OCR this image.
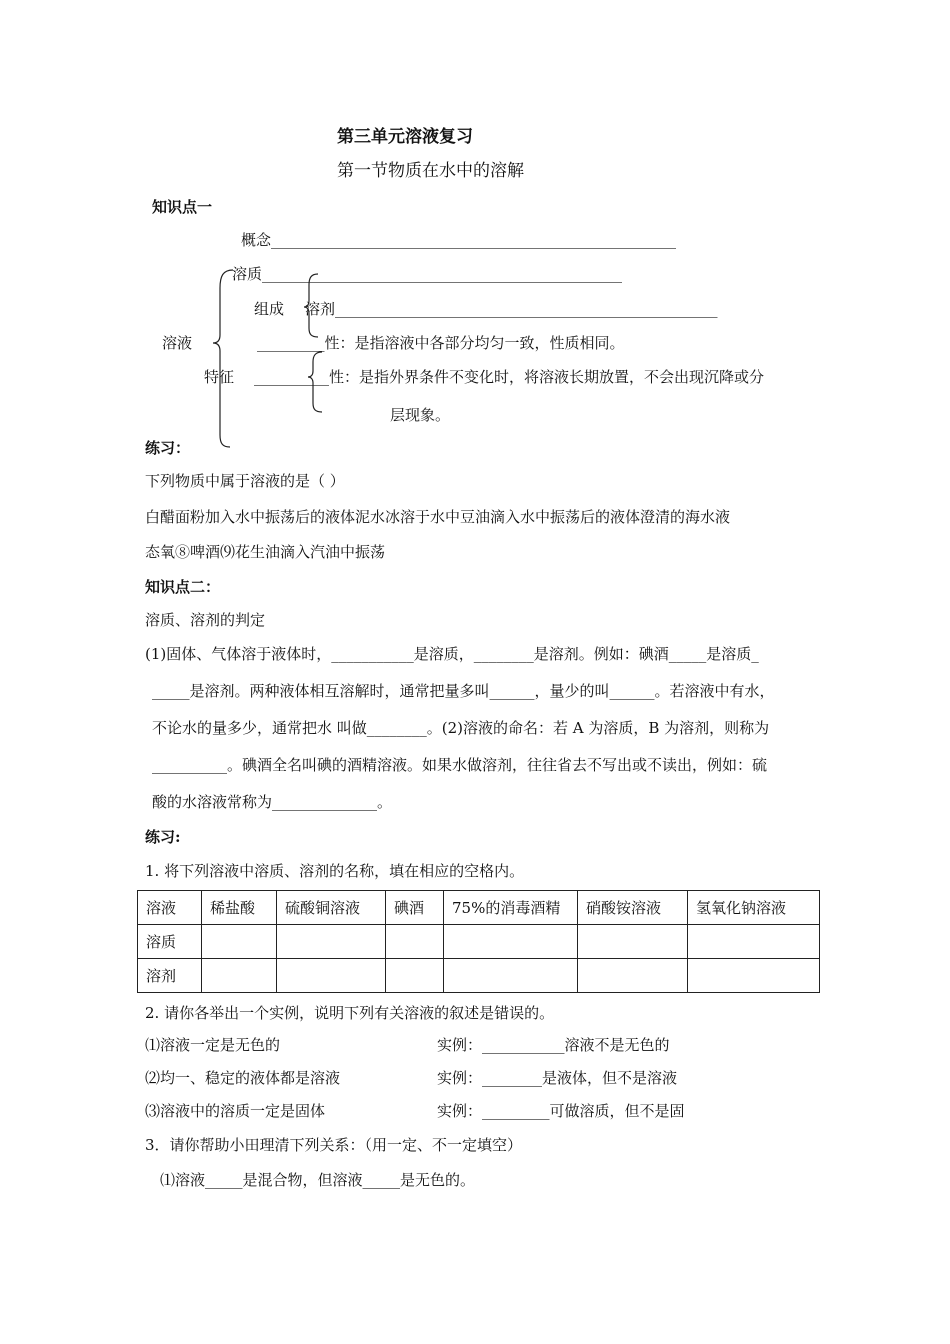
第三单元溶液复习
第一节物质在水中的溶解
知识点一
概念______________________________________________________
溶质________________________________________________
组成 溶剂___________________________________________________
溶液	_________性：是指溶液中各部分均匀一致，性质相同。
特征 __________性：是指外界条件不变化时，将溶液长期放置，不会出现沉降或分
层现象。
练习：
下列物质中属于溶液的是（ ）
白醋面粉加入水中振荡后的液体泥水冰溶于水中豆油滴入水中振荡后的液体澄清的海水液
态氧⑧啤酒⑼花生油滴入汽油中振荡
知识点二：
溶质、溶剂的判定
(1)固体、气体溶于液体时，___________是溶质，________是溶剂。例如：碘酒_____是溶质_
_____是溶剂。两种液体相互溶解时，通常把量多叫______，量少的叫______。若溶液中有水，
不论水的量多少，通常把水 叫做________。(2)溶液的命名：若 A 为溶质，B 为溶剂，则称为
__________。碘酒全名叫碘的酒精溶液。如果水做溶剂，往往省去不写出或不读出，例如：硫
酸的水溶液常称为______________。
练习:
1. 将下列溶液中溶质、溶剂的名称，填在相应的空格内。
溶液	稀盐酸	硫酸铜溶液	碘酒	75%的消毒酒精	硝酸铵溶液	氢氧化钠溶液
溶质						
溶剂						
2. 请你各举出一个实例，说明下列有关溶液的叙述是错误的。
⑴溶液一定是无色的	实例：___________溶液不是无色的
⑵均一、稳定的液体都是溶液	实例：________是液体，但不是溶液
⑶溶液中的溶质一定是固体	实例：_________可做溶质，但不是固
3．请你帮助小田理清下列关系：（用一定、不一定填空）
⑴溶液_____是混合物，但溶液_____是无色的。
